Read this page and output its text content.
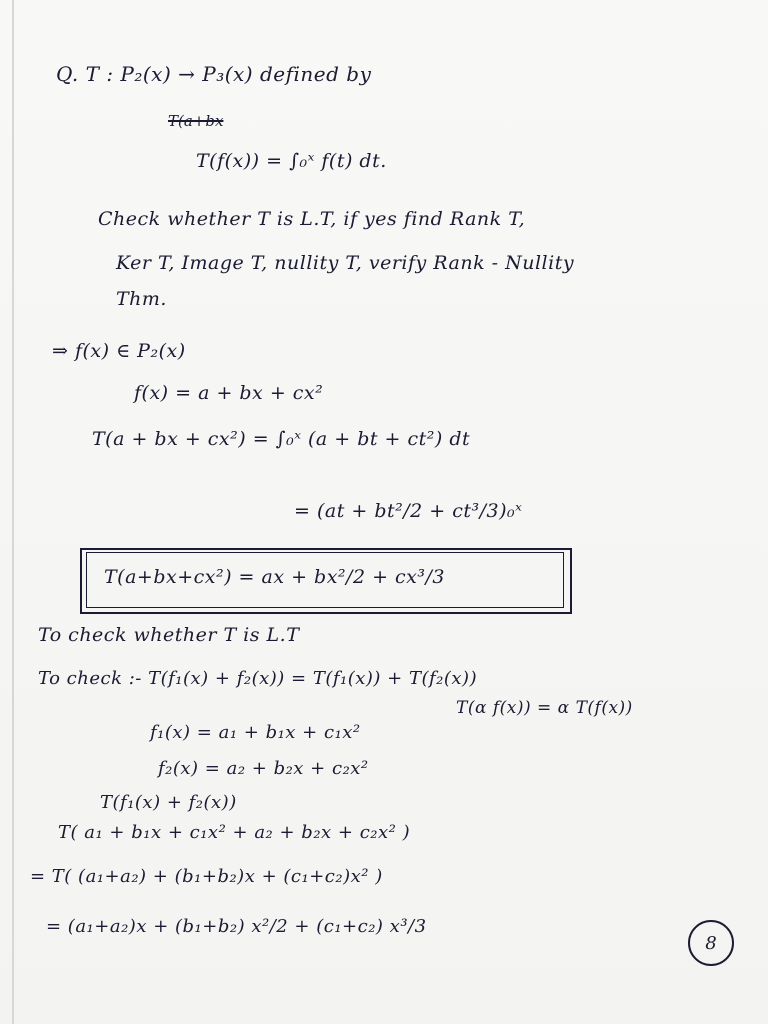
Q. T : P₂(x) → P₃(x) defined by
T(a+bx
T(f(x)) = ∫₀ˣ f(t) dt.
Check whether T is L.T, if yes find Rank T,
Ker T, Image T, nullity T, verify Rank - Nullity
Thm.
⇒ f(x) ∈ P₂(x)
f(x) = a + bx + cx²
T(a + bx + cx²) = ∫₀ˣ (a + bt + ct²) dt
= (at + bt²/2 + ct³/3)₀ˣ
T(a+bx+cx²) = ax + bx²/2 + cx³/3
To check whether T is L.T
To check :- T(f₁(x) + f₂(x)) = T(f₁(x)) + T(f₂(x))
T(α f(x)) = α T(f(x))
f₁(x) = a₁ + b₁x + c₁x²
f₂(x) = a₂ + b₂x + c₂x²
T(f₁(x) + f₂(x))
T( a₁ + b₁x + c₁x² + a₂ + b₂x + c₂x² )
= T( (a₁+a₂) + (b₁+b₂)x + (c₁+c₂)x² )
= (a₁+a₂)x + (b₁+b₂) x²/2 + (c₁+c₂) x³/3
8
